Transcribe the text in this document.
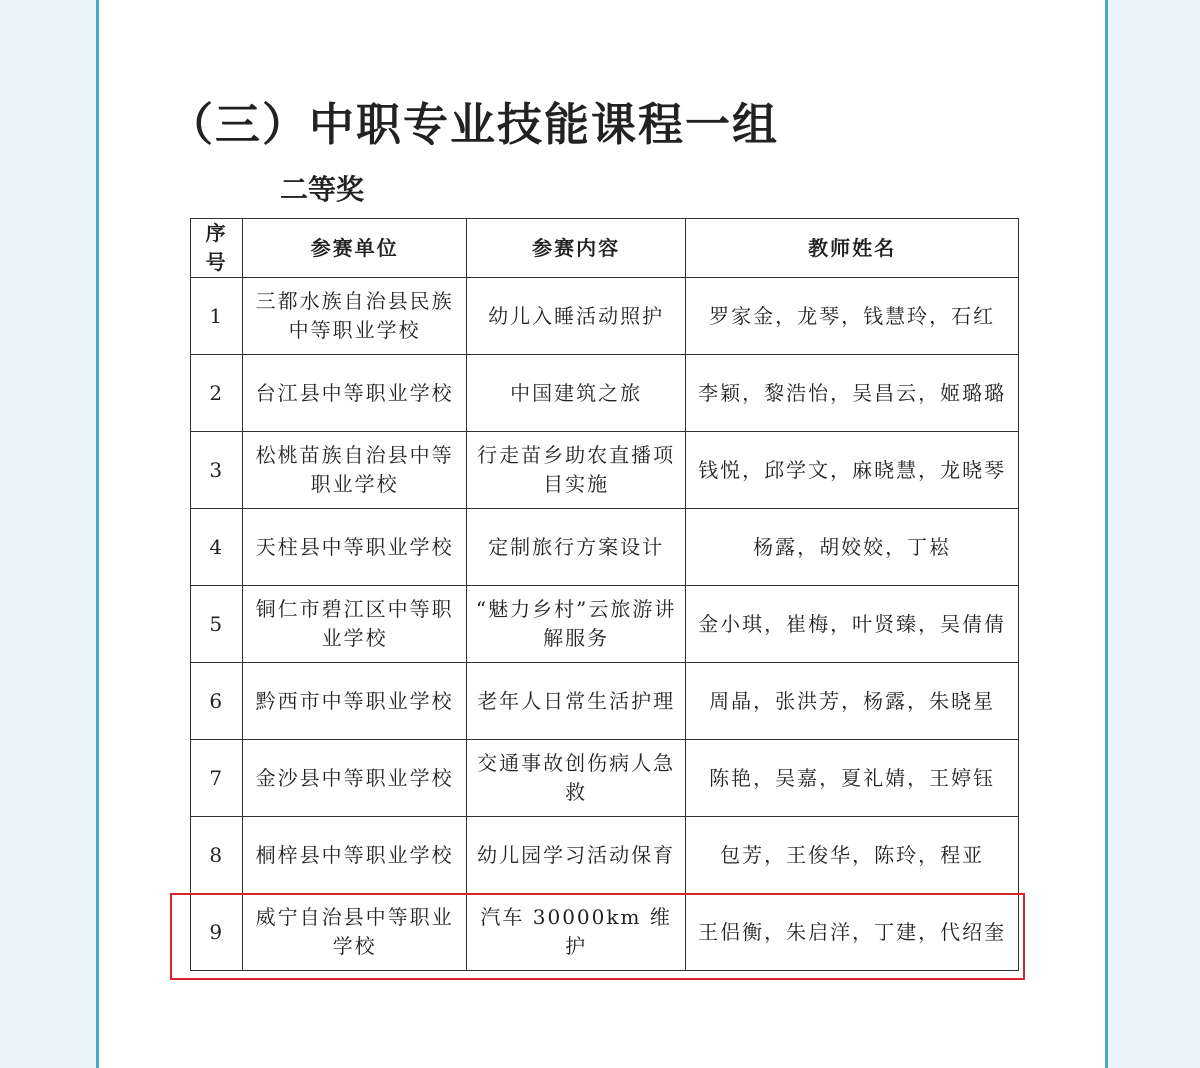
（三）中职专业技能课程一组
二等奖
序号	参赛单位	参赛内容	教师姓名
1	三都水族自治县民族中等职业学校	幼儿入睡活动照护	罗家金，龙琴，钱慧玲，石红
2	台江县中等职业学校	中国建筑之旅	李颖，黎浩怡，吴昌云，姬璐璐
3	松桃苗族自治县中等职业学校	行走苗乡助农直播项目实施	钱悦，邱学文，麻晓慧，龙晓琴
4	天柱县中等职业学校	定制旅行方案设计	杨露，胡姣姣，丁崧
5	铜仁市碧江区中等职业学校	“魅力乡村”云旅游讲解服务	金小琪，崔梅，叶贤臻，吴倩倩
6	黔西市中等职业学校	老年人日常生活护理	周晶，张洪芳，杨露，朱晓星
7	金沙县中等职业学校	交通事故创伤病人急救	陈艳，吴嘉，夏礼婧，王婷钰
8	桐梓县中等职业学校	幼儿园学习活动保育	包芳，王俊华，陈玲，程亚
9	威宁自治县中等职业学校	汽车 30000km 维护	王侣衡，朱启洋，丁建，代绍奎
